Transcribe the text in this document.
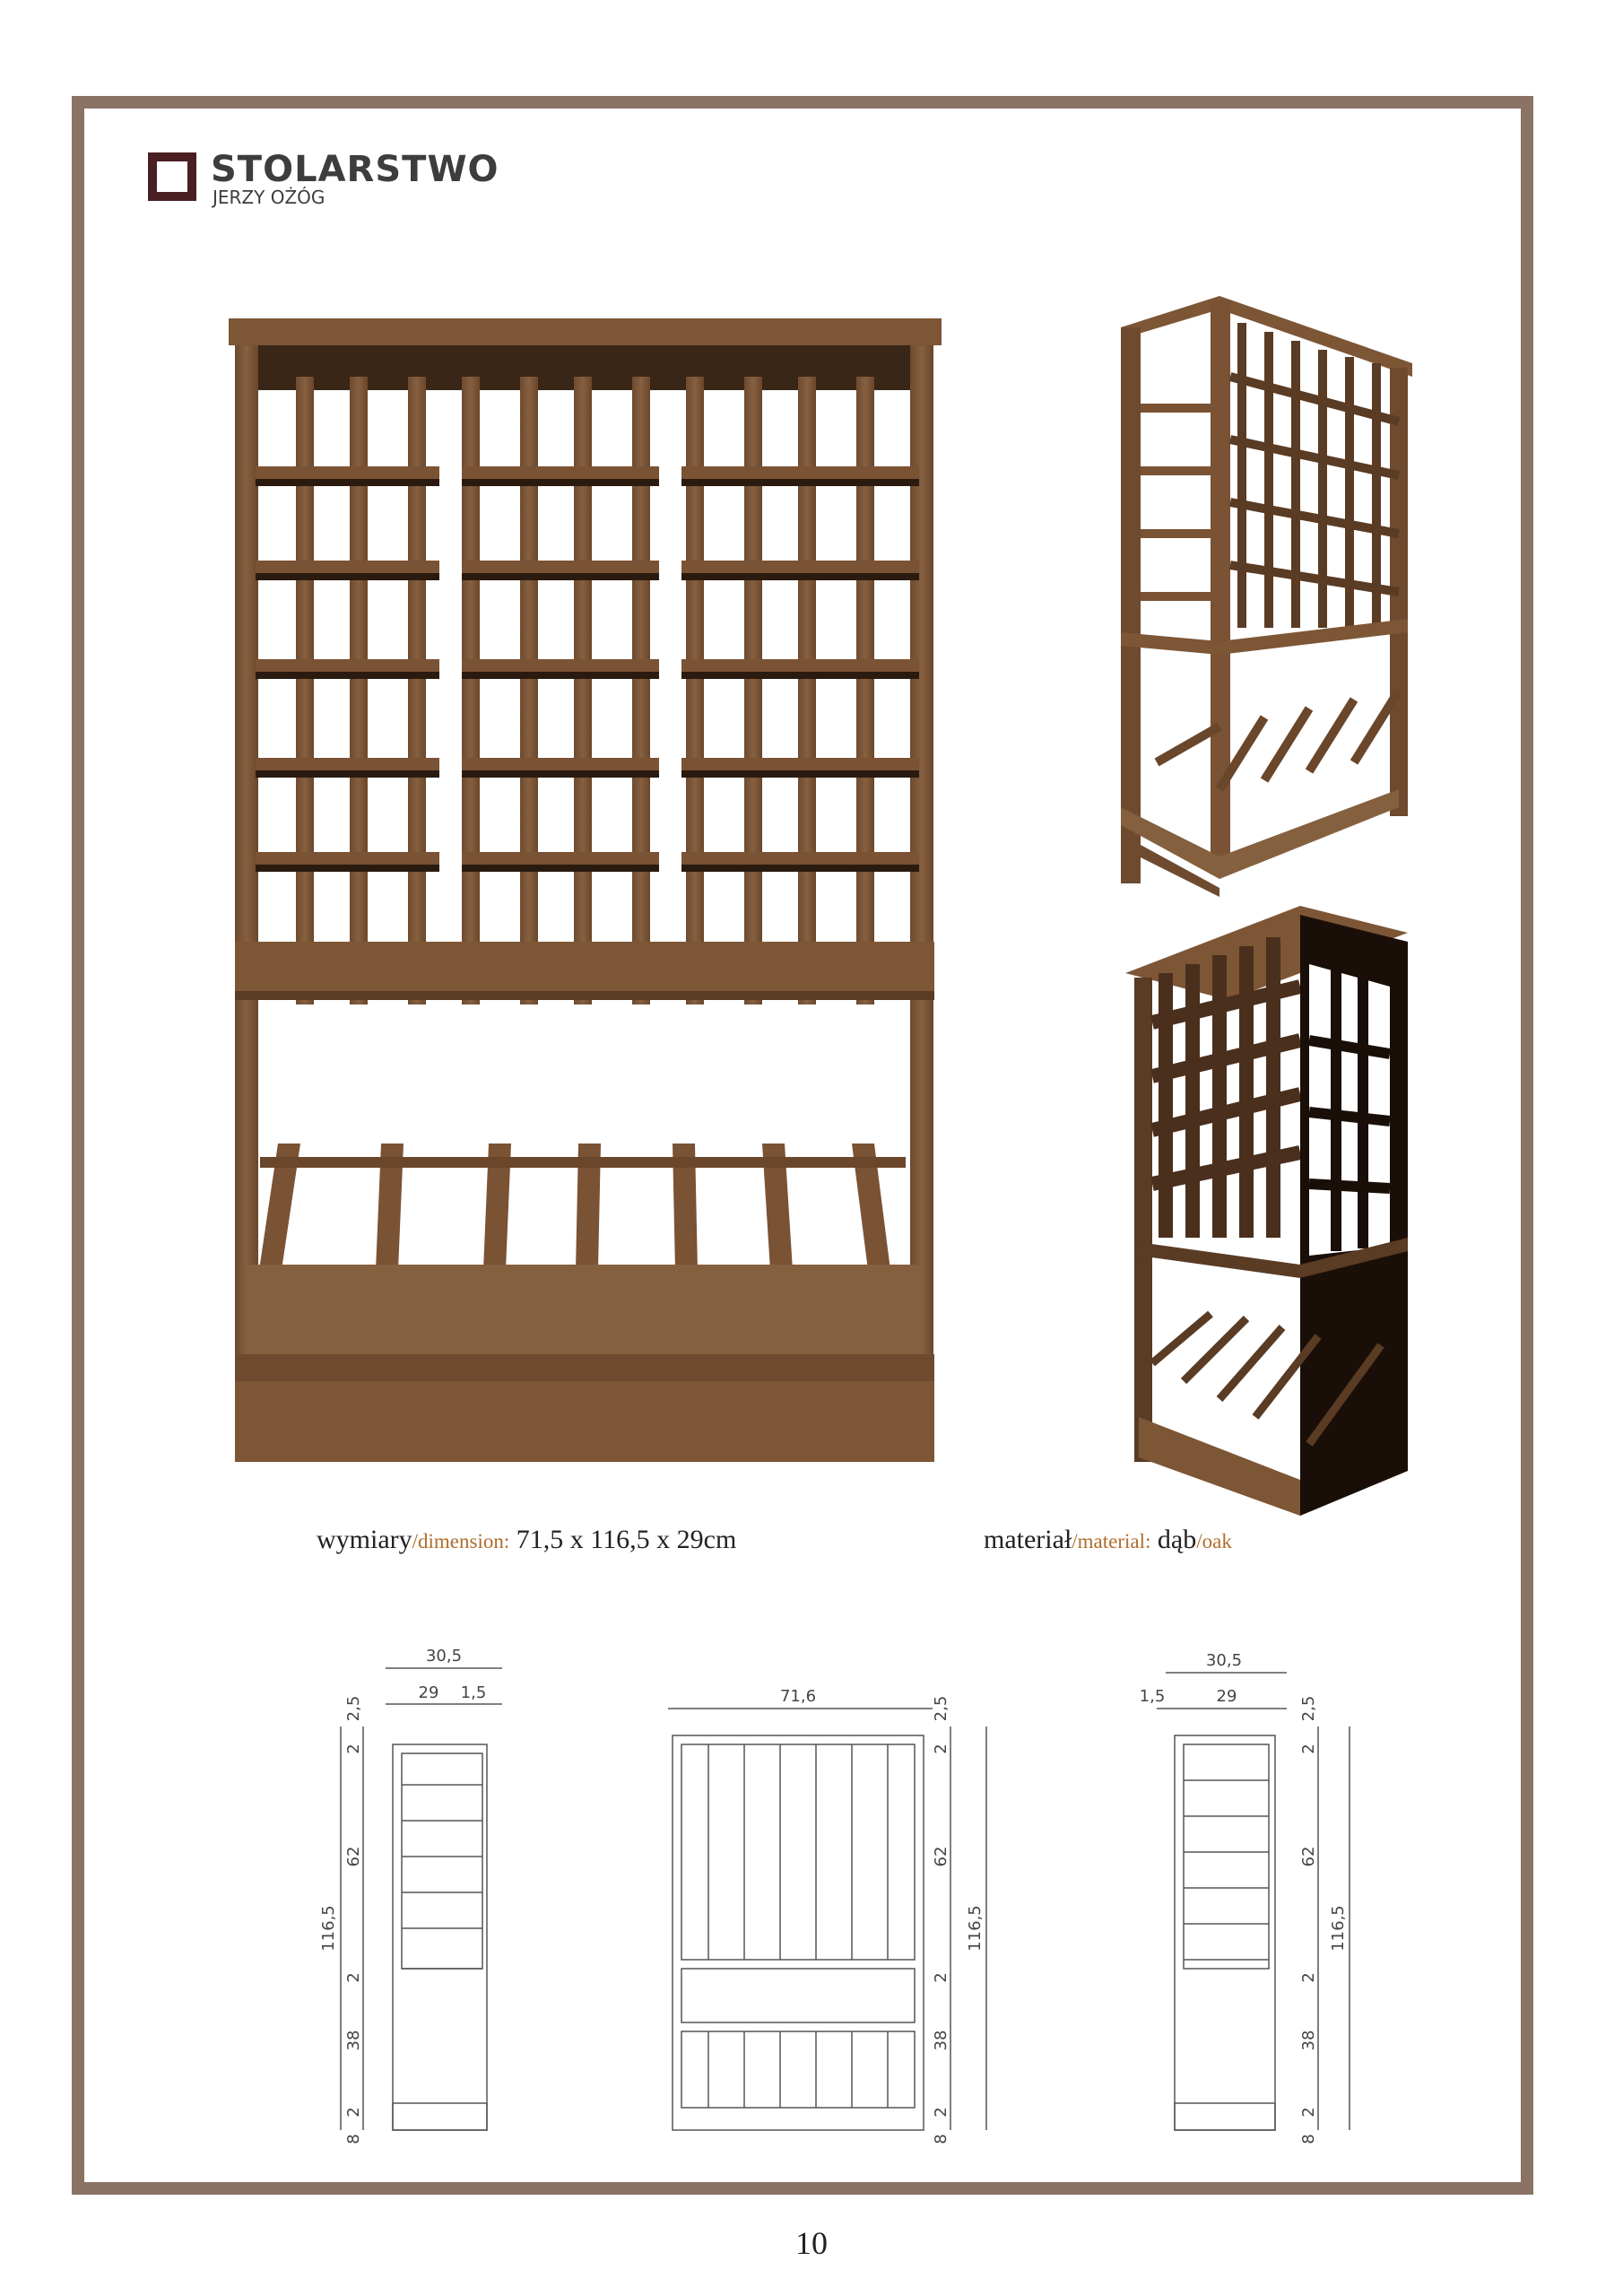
STOLARSTWO
JERZY OŻÓG
wymiary/dimension: 71,5 x 116,5 x 29cm	materiał/material: dąb/oak
30,5
29 1,5
116,5
2,5
2
62
2
38
2
8
71,6
116,5
2,5
2
62
2
38
2
8
30,5
1,5	29
116,5
2,5
2
62
2
38
2
8
10
